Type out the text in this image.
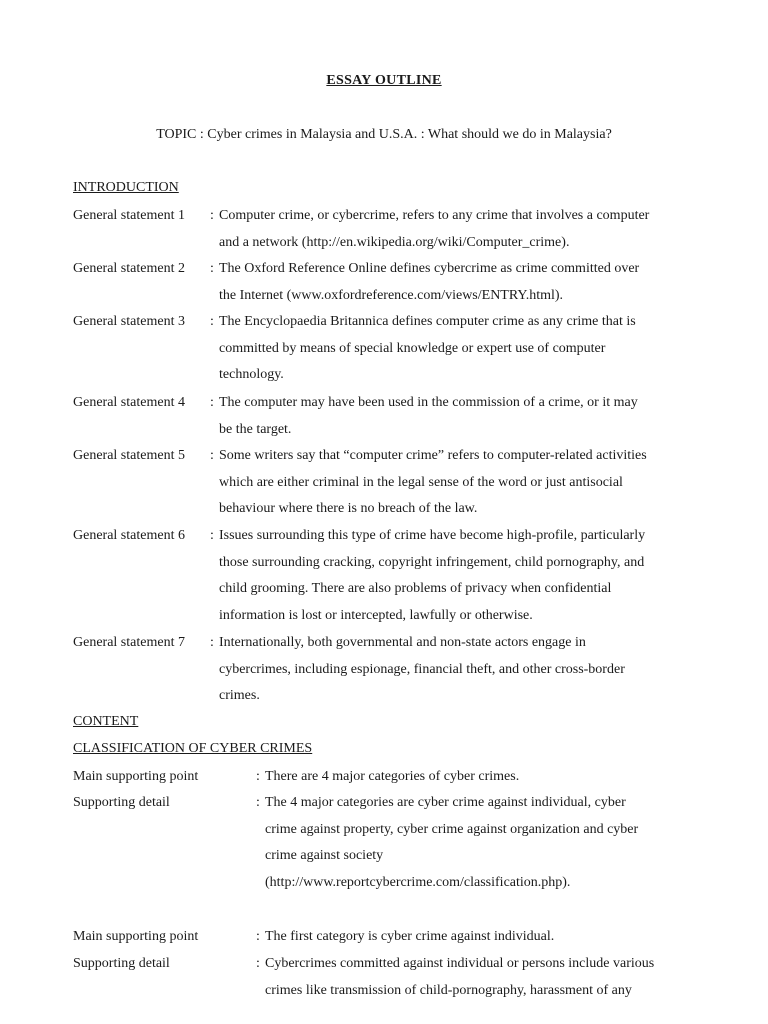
ESSAY OUTLINE
TOPIC : Cyber crimes in Malaysia and U.S.A. : What should we do in Malaysia?
INTRODUCTION
General statement 1 : Computer crime, or cybercrime, refers to any crime that involves a computer
and a network (http://en.wikipedia.org/wiki/Computer_crime).
General statement 2 : The Oxford Reference Online defines cybercrime as crime committed over
the Internet (www.oxfordreference.com/views/ENTRY.html).
General statement 3 : The Encyclopaedia Britannica defines computer crime as any crime that is
committed by means of special knowledge or expert use of computer
technology.
General statement 4 : The computer may have been used in the commission of a crime, or it may
be the target.
General statement 5 : Some writers say that “computer crime” refers to computer-related activities
which are either criminal in the legal sense of the word or just antisocial
behaviour where there is no breach of the law.
General statement 6 : Issues surrounding this type of crime have become high-profile, particularly
those surrounding cracking, copyright infringement, child pornography, and
child grooming. There are also problems of privacy when confidential
information is lost or intercepted, lawfully or otherwise.
General statement 7 : Internationally, both governmental and non-state actors engage in
cybercrimes, including espionage, financial theft, and other cross-border
crimes.
CONTENT
CLASSIFICATION OF CYBER CRIMES
Main supporting point	: There are 4 major categories of cyber crimes.
Supporting detail	: The 4 major categories are cyber crime against individual, cyber
crime against property, cyber crime against organization and cyber
crime against society
(http://www.reportcybercrime.com/classification.php).
Main supporting point	: The first category is cyber crime against individual.
Supporting detail	: Cybercrimes committed against individual or persons include various
crimes like transmission of child-pornography, harassment of any
